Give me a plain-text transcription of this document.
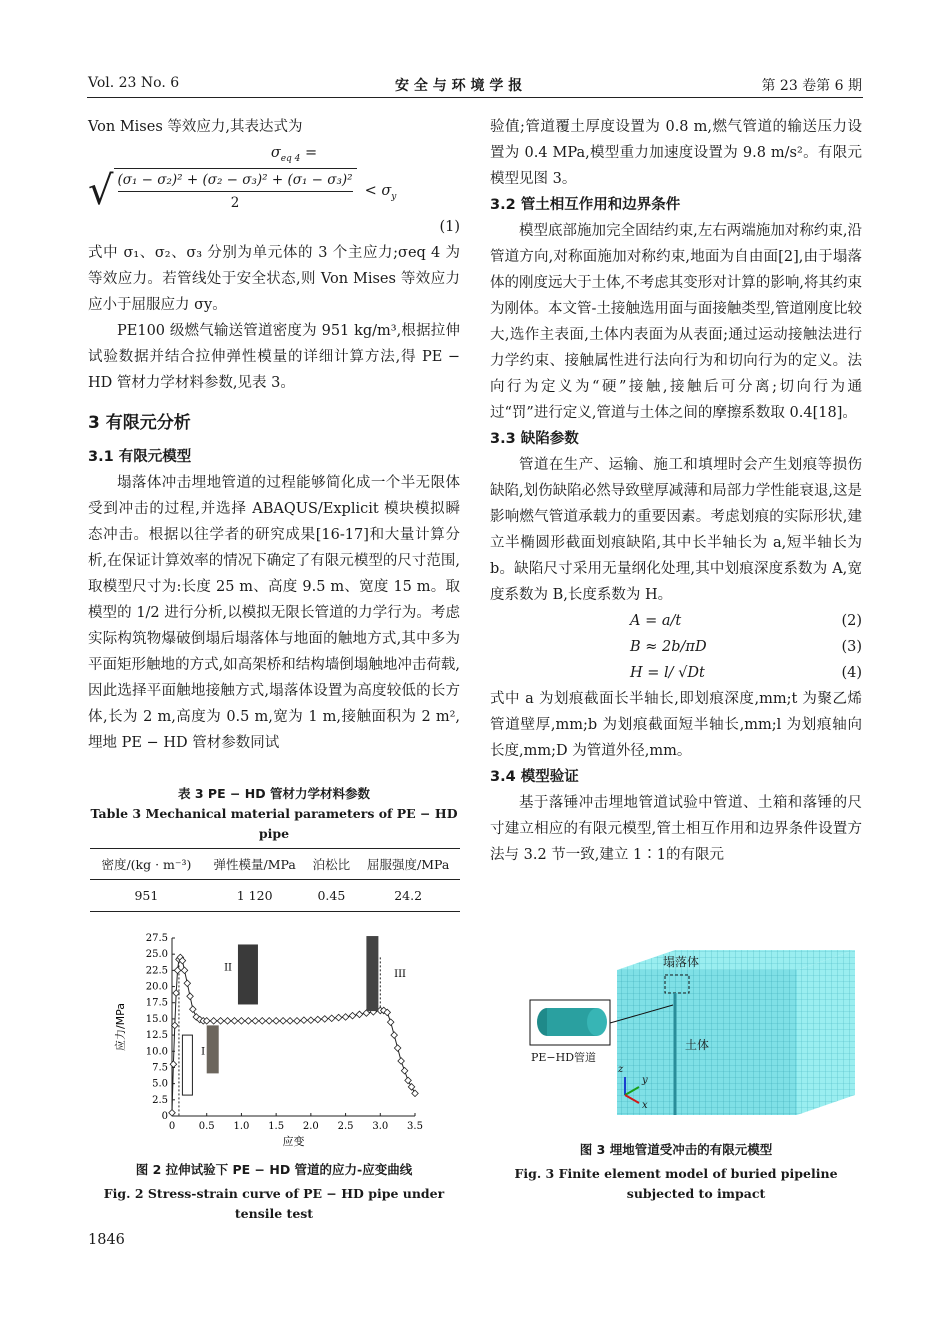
Vol. 23 No. 6	安 全 与 环 境 学 报	第 23 卷第 6 期

Von Mises 等效应力,其表达式为

$\sigma_{eq 4}$ =
√ $\frac{\text{(σ₁ − σ₂)² + (σ₂ − σ₃)² + (σ₁ − σ₃)²}}{2} < \sigma_y$
(1)

式中 σ₁、σ₂、σ₃ 分别为单元体的 3 个主应力;σeq 4 为等效应力。若管线处于安全状态,则 Von Mises 等效应力应小于屈服应力 σy。

PE100 级燃气输送管道密度为 951 kg/m³,根据拉伸试验数据并结合拉伸弹性模量的详细计算方法,得 PE − HD 管材力学材料参数,见表 3。

3 有限元分析
3.1 有限元模型

塌落体冲击埋地管道的过程能够简化成一个半无限体受到冲击的过程,并选择 ABAQUS/Explicit 模块模拟瞬态冲击。根据以往学者的研究成果[16-17]和大量计算分析,在保证计算效率的情况下确定了有限元模型的尺寸范围,取模型尺寸为:长度 25 m、高度 9.5 m、宽度 15 m。取模型的 1/2 进行分析,以模拟无限长管道的力学行为。考虑实际构筑物爆破倒塌后塌落体与地面的触地方式,其中多为平面矩形触地的方式,如高架桥和结构墙倒塌触地冲击荷载,因此选择平面触地接触方式,塌落体设置为高度较低的长方体,长为 2 m,高度为 0.5 m,宽为 1 m,接触面积为 2 m²,埋地 PE − HD 管材参数同试

表 3 PE − HD 管材力学材料参数
Table 3 Mechanical material parameters of PE − HD pipe
密度/(kg · m⁻³)	弹性模量/MPa	泊松比	屈服强度/MPa
951	1 120	0.45	24.2
0
2.5
5.0
7.5
10.0
12.5
15.0
17.5
20.0
22.5
25.0
27.5
0 0.5 1.0 1.5 2.0 2.5 3.0 3.5
应变
应力/MPa
I
II
III
图 2 拉伸试验下 PE − HD 管道的应力-应变曲线
Fig. 2 Stress-strain curve of PE − HD pipe under tensile test

验值;管道覆土厚度设置为 0.8 m,燃气管道的输送压力设置为 0.4 MPa,模型重力加速度设置为 9.8 m/s²。有限元模型见图 3。

3.2 管土相互作用和边界条件

模型底部施加完全固结约束,左右两端施加对称约束,沿管道方向,对称面施加对称约束,地面为自由面[2],由于塌落体的刚度远大于土体,不考虑其变形对计算的影响,将其约束为刚体。本文管-土接触选用面与面接触类型,管道刚度比较大,选作主表面,土体内表面为从表面;通过运动接触法进行力学约束、接触属性进行法向行为和切向行为的定义。法向行为定义为“硬”接触,接触后可分离;切向行为通过“罚”进行定义,管道与土体之间的摩擦系数取 0.4[18]。

3.3 缺陷参数

管道在生产、运输、施工和填埋时会产生划痕等损伤缺陷,划伤缺陷必然导致壁厚减薄和局部力学性能衰退,这是影响燃气管道承载力的重要因素。考虑划痕的实际形状,建立半椭圆形截面划痕缺陷,其中长半轴长为 a,短半轴长为 b。缺陷尺寸采用无量纲化处理,其中划痕深度系数为 A,宽度系数为 B,长度系数为 H。

A = a/t	(2)
B ≈ 2b/πD	(3)
H = l/ √Dt	(4)

式中 a 为划痕截面长半轴长,即划痕深度,mm;t 为聚乙烯管道壁厚,mm;b 为划痕截面短半轴长,mm;l 为划痕轴向长度,mm;D 为管道外径,mm。

3.4 模型验证

基于落锤冲击埋地管道试验中管道、土箱和落锤的尺寸建立相应的有限元模型,管土相互作用和边界条件设置方法与 3.2 节一致,建立 1∶1的有限元

塌落体
土体
PE−HD管道
z
y
x
图 3 埋地管道受冲击的有限元模型
Fig. 3 Finite element model of buried pipeline
subjected to impact
1846
